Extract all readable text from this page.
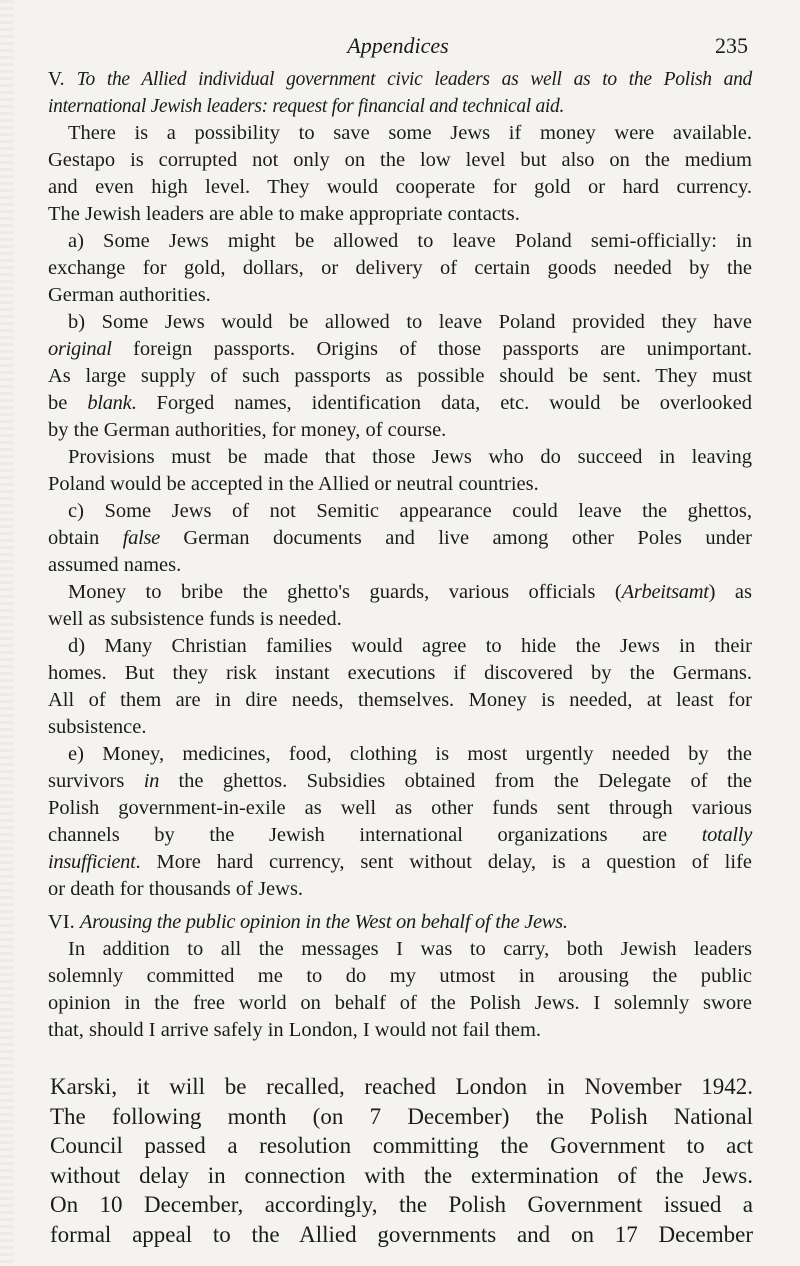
Appendices	235
V. To the Allied individual government civic leaders as well as to the Polish and
international Jewish leaders: request for financial and technical aid.
There is a possibility to save some Jews if money were available.
Gestapo is corrupted not only on the low level but also on the medium
and even high level. They would cooperate for gold or hard currency.
The Jewish leaders are able to make appropriate contacts.
a) Some Jews might be allowed to leave Poland semi-officially: in
exchange for gold, dollars, or delivery of certain goods needed by the
German authorities.
b) Some Jews would be allowed to leave Poland provided they have
original foreign passports. Origins of those passports are unimportant.
As large supply of such passports as possible should be sent. They must
be blank. Forged names, identification data, etc. would be overlooked
by the German authorities, for money, of course.
Provisions must be made that those Jews who do succeed in leaving
Poland would be accepted in the Allied or neutral countries.
c) Some Jews of not Semitic appearance could leave the ghettos,
obtain false German documents and live among other Poles under
assumed names.
Money to bribe the ghetto's guards, various officials (Arbeitsamt) as
well as subsistence funds is needed.
d) Many Christian families would agree to hide the Jews in their
homes. But they risk instant executions if discovered by the Germans.
All of them are in dire needs, themselves. Money is needed, at least for
subsistence.
e) Money, medicines, food, clothing is most urgently needed by the
survivors in the ghettos. Subsidies obtained from the Delegate of the
Polish government-in-exile as well as other funds sent through various
channels by the Jewish international organizations are totally
insufficient. More hard currency, sent without delay, is a question of life
or death for thousands of Jews.
VI. Arousing the public opinion in the West on behalf of the Jews.
In addition to all the messages I was to carry, both Jewish leaders
solemnly committed me to do my utmost in arousing the public
opinion in the free world on behalf of the Polish Jews. I solemnly swore
that, should I arrive safely in London, I would not fail them.
Karski, it will be recalled, reached London in November 1942.
The following month (on 7 December) the Polish National
Council passed a resolution committing the Government to act
without delay in connection with the extermination of the Jews.
On 10 December, accordingly, the Polish Government issued a
formal appeal to the Allied governments and on 17 December
